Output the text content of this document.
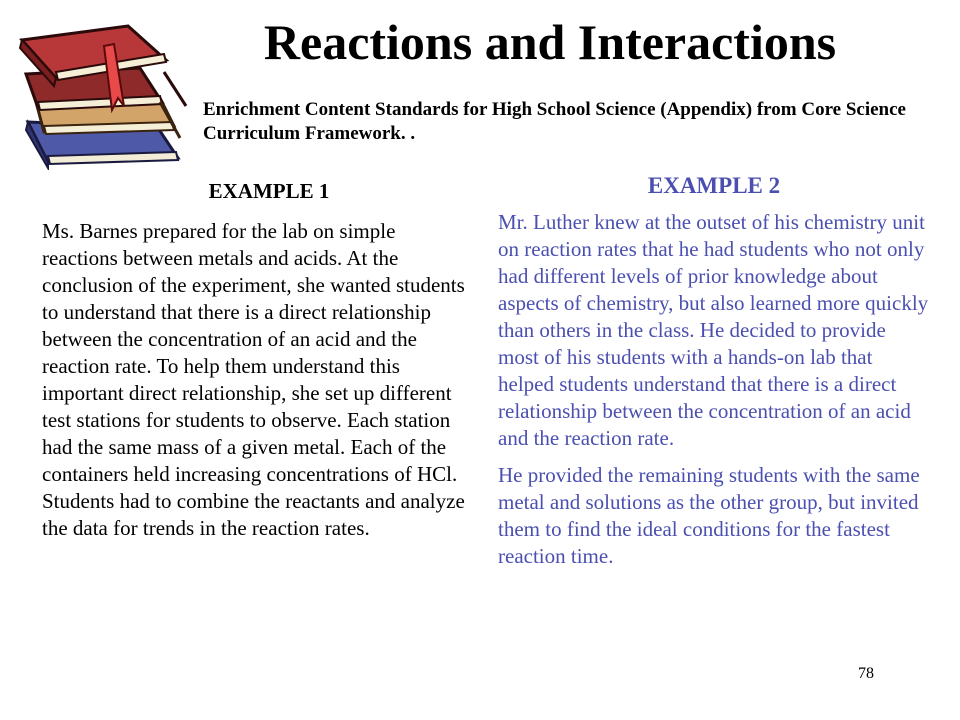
Reactions and Interactions

Enrichment Content Standards for High School Science (Appendix) from Core Science Curriculum Framework. .

EXAMPLE 1

Ms. Barnes prepared for the lab on simple reactions between metals and acids. At the conclusion of the experiment, she wanted students to understand that there is a direct relationship between the concentration of an acid and the reaction rate. To help them understand this important direct relationship, she set up different test stations for students to observe. Each station had the same mass of a given metal. Each of the containers held increasing concentrations of HCl. Students had to combine the reactants and analyze the data for trends in the reaction rates.

EXAMPLE 2

Mr. Luther knew at the outset of his chemistry unit on reaction rates that he had students who not only had different levels of prior knowledge about aspects of chemistry, but also learned more quickly than others in the class. He decided to provide most of his students with a hands-on lab that helped students understand that there is a direct relationship between the concentration of an acid and the reaction rate.

He provided the remaining students with the same metal and solutions as the other group, but invited them to find the ideal conditions for the fastest reaction time.

78
